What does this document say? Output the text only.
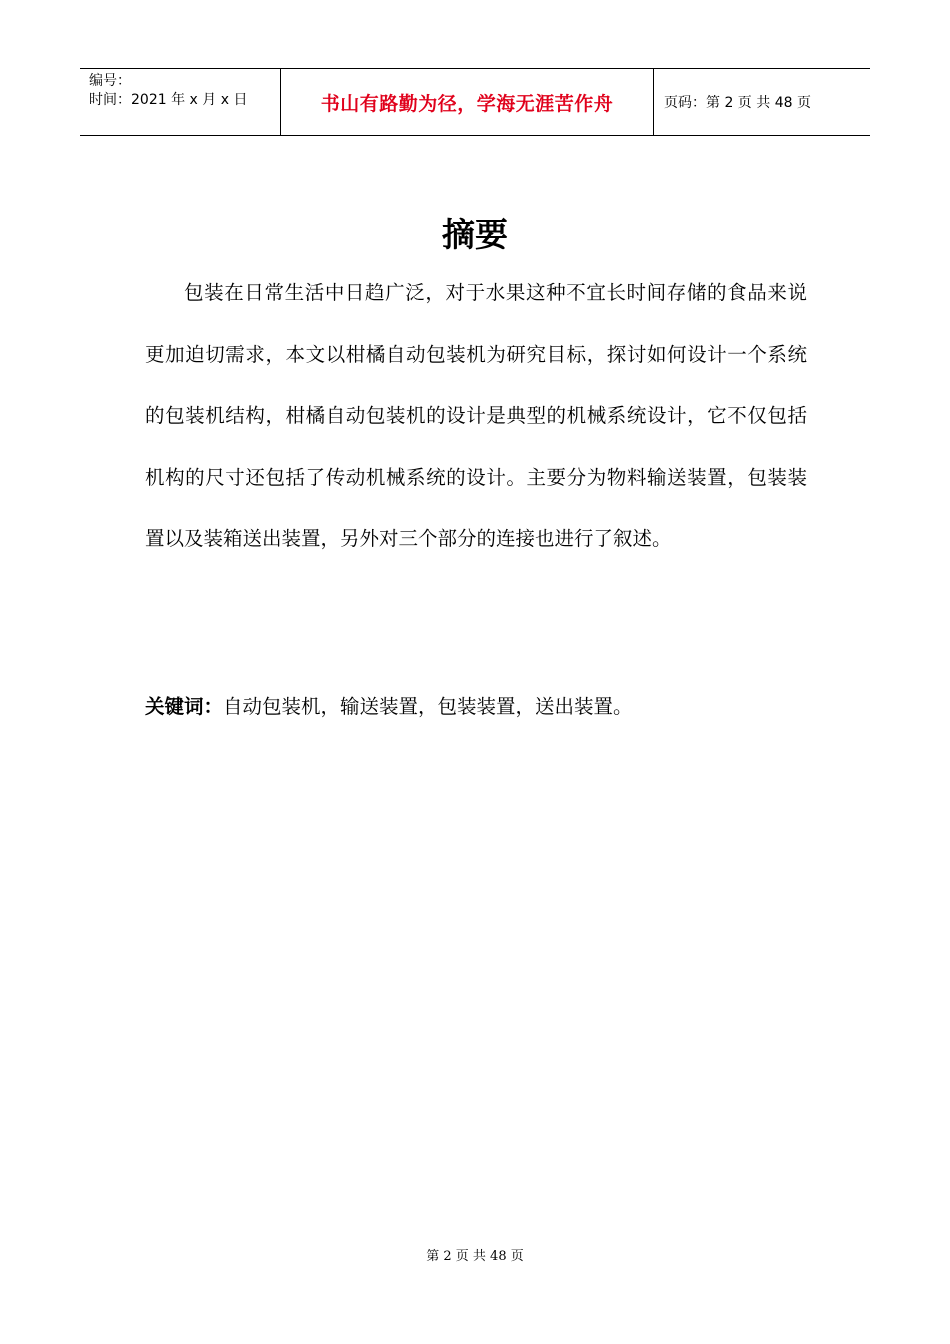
编号：
时间：2021 年 x 月 x 日	书山有路勤为径，学海无涯苦作舟	页码：第 2 页 共 48 页
摘要

包装在日常生活中日趋广泛，对于水果这种不宜长时间存储的食品来说更加迫切需求，本文以柑橘自动包装机为研究目标，探讨如何设计一个系统的包装机结构，柑橘自动包装机的设计是典型的机械系统设计，它不仅包括机构的尺寸还包括了传动机械系统的设计。主要分为物料输送装置，包装装置以及装箱送出装置，另外对三个部分的连接也进行了叙述。

关键词：自动包装机，输送装置，包装装置，送出装置。
第 2 页 共 48 页
